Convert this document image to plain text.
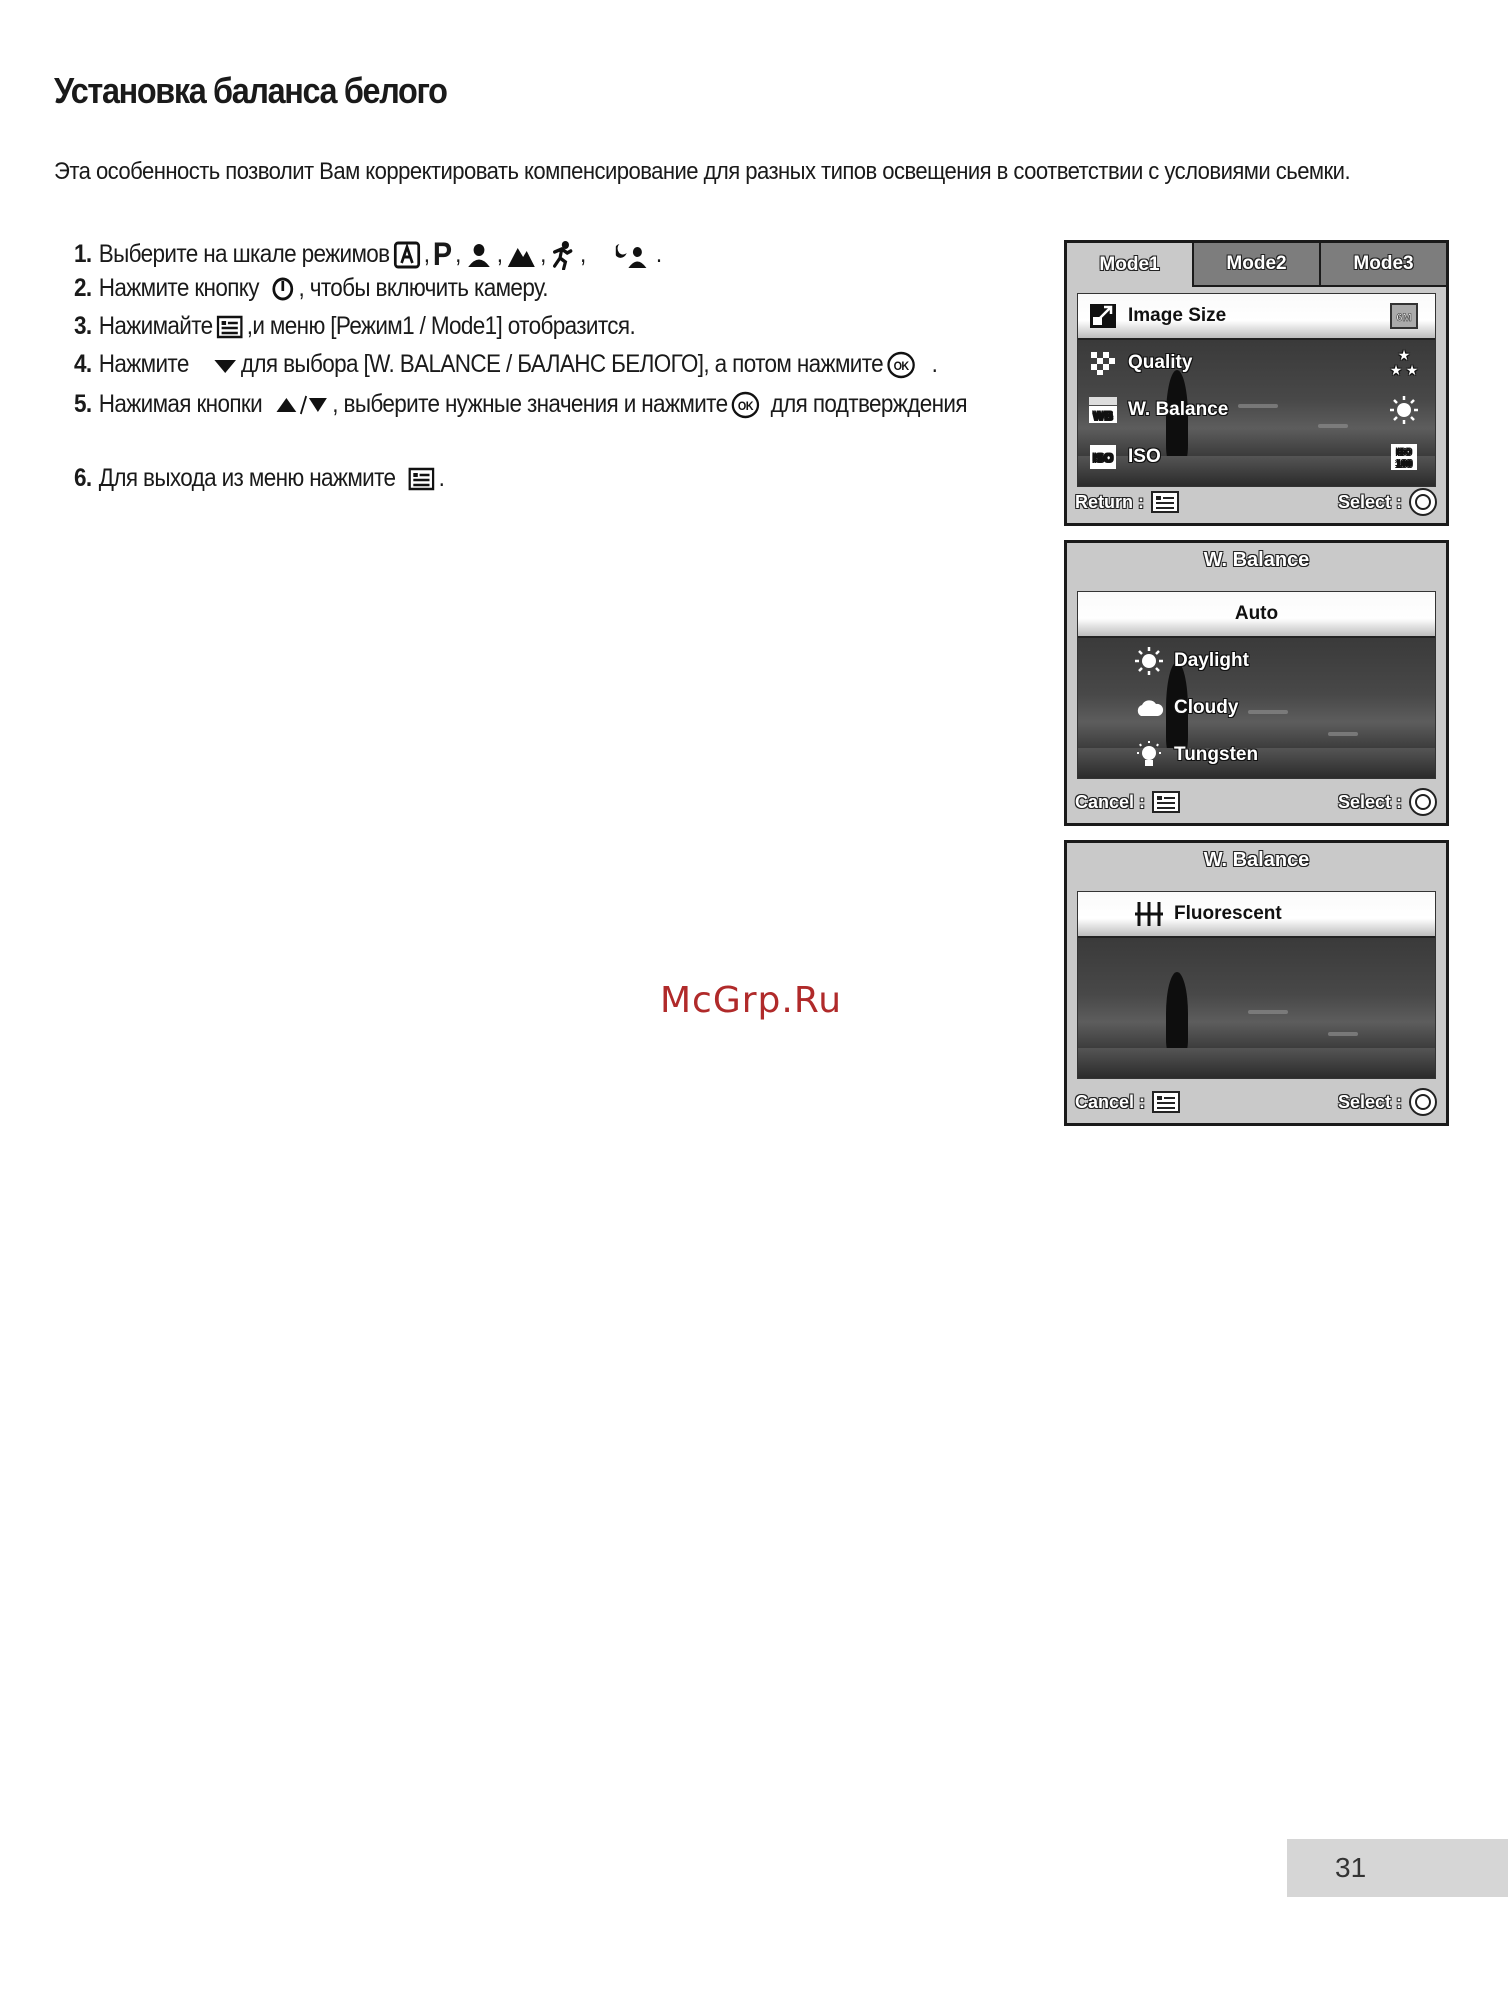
Установка баланса белого

Эта особенность позволит Вам корректировать компенсирование для разных типов освещения в соответствии с условиями сьемки.

1. Выберите на шкале режимов , P , , , ,	.
2. Нажмите кнопку , чтобы включить камеру.
3. Нажимайте ,и меню [Режим1 / Mode1] отобразится.
4. Нажмите для выбора [W. BALANCE / БАЛАНС БЕЛОГО], а потом нажмите OK .
5. Нажимая кнопки	, выберите нужные значения и нажмите OK для подтверждения
6. Для выхода из меню нажмите .
Mode1	Mode2	Mode3
Image Size	6M
Quality	★
★ ★
WB W. Balance
ISO ISO	ISO
100
Return :	Select :
W. Balance
Auto
Daylight
Cloudy
Tungsten
Cancel :	Select :
W. Balance
Fluorescent
Cancel :	Select :
McGrp.Ru
31
